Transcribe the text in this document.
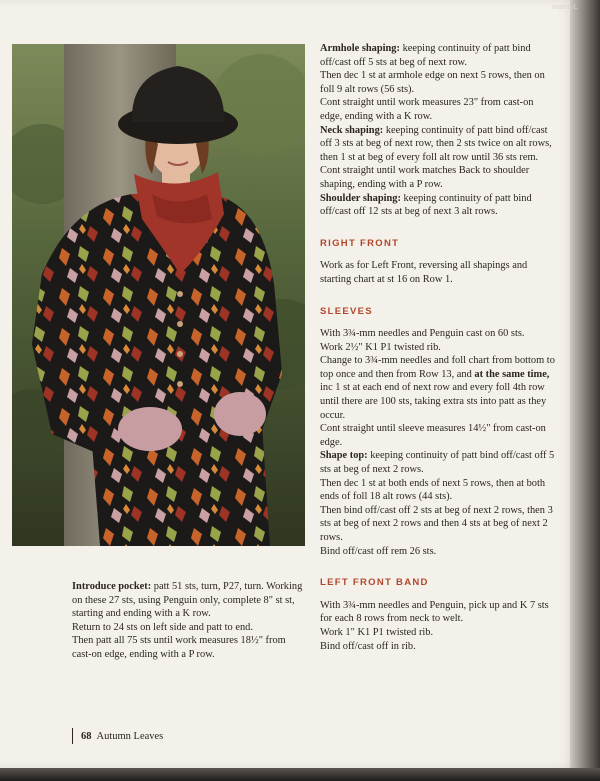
mama-L

Armhole shaping: keeping continuity of patt bind off/cast off 5 sts at beg of next row.

Then dec 1 st at armhole edge on next 5 rows, then on foll 9 alt rows (56 sts).

Cont straight until work measures 23" from cast-on edge, ending with a K row.

Neck shaping: keeping continuity of patt bind off/cast off 3 sts at beg of next row, then 2 sts twice on alt rows, then 1 st at beg of every foll alt row until 36 sts rem.

Cont straight until work matches Back to shoulder shaping, ending with a P row.

Shoulder shaping: keeping continuity of patt bind off/cast off 12 sts at beg of next 3 alt rows.

RIGHT FRONT

Work as for Left Front, reversing all shapings and starting chart at st 16 on Row 1.

SLEEVES

With 3¾-mm needles and Penguin cast on 60 sts.

Work 2½" K1 P1 twisted rib.

Change to 3¾-mm needles and foll chart from bottom to top once and then from Row 13, and at the same time, inc 1 st at each end of next row and every foll 4th row until there are 100 sts, taking extra sts into patt as they occur.

Cont straight until sleeve measures 14½" from cast-on edge.

Shape top: keeping continuity of patt bind off/cast off 5 sts at beg of next 2 rows.

Then dec 1 st at both ends of next 5 rows, then at both ends of foll 18 alt rows (44 sts).

Then bind off/cast off 2 sts at beg of next 2 rows, then 3 sts at beg of next 2 rows and then 4 sts at beg of next 2 rows.

Bind off/cast off rem 26 sts.

LEFT FRONT BAND

With 3¾-mm needles and Penguin, pick up and K 7 sts for each 8 rows from neck to welt.

Work 1" K1 P1 twisted rib.

Bind off/cast off in rib.

Introduce pocket: patt 51 sts, turn, P27, turn. Working on these 27 sts, using Penguin only, complete 8" st st, starting and ending with a K row.

Return to 24 sts on left side and patt to end.

Then patt all 75 sts until work measures 18½" from cast-on edge, ending with a P row.

68 Autumn Leaves
